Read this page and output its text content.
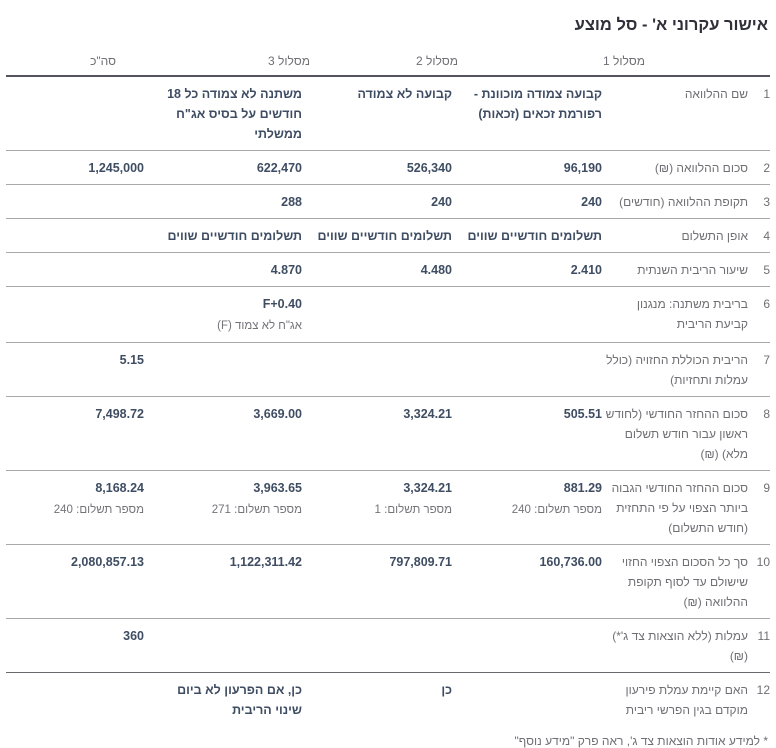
אישור עקרוני א' - סל מוצע
מסלול 1
מסלול 2
מסלול 3
סה"כ
1
שם ההלוואה
קבועה צמודה מוכוונת - רפורמת זכאים (זכאות)
קבועה לא צמודה
משתנה לא צמודה כל 18 חודשים על בסיס אג"ח ממשלתי
2
סכום ההלוואה (₪)
96,190
526,340
622,470
1,245,000
3
תקופת ההלוואה (חודשים)
240
240
288
4
אופן התשלום
תשלומים חודשיים שווים
תשלומים חודשיים שווים
תשלומים חודשיים שווים
5
שיעור הריבית השנתית
2.410
4.480
4.870
6
בריבית משתנה: מנגנון קביעת הריבית
F+0.40
אג"ח לא צמוד (F)
7
הריבית הכוללת החזויה (כולל עמלות ותחזיות)
5.15
8
סכום ההחזר החודשי (לחודש ראשון עבור חודש תשלום מלא) (₪)
505.51
3,324.21
3,669.00
7,498.72
9
סכום ההחזר החודשי הגבוה ביותר הצפוי על פי התחזית (חודש התשלום)
881.29
מספר תשלום: 240
3,324.21
מספר תשלום: 1
3,963.65
מספר תשלום: 271
8,168.24
מספר תשלום: 240
10
סך כל הסכום הצפוי החזוי שישולם עד לסוף תקופת ההלוואה (₪)
160,736.00
797,809.71
1,122,311.42
2,080,857.13
11
עמלות (ללא הוצאות צד ג'*) (₪)
360
12
האם קיימת עמלת פירעון מוקדם בגין הפרשי ריבית
כן
כן, אם הפרעון לא ביום שינוי הריבית
* למידע אודות הוצאות צד ג', ראה פרק "מידע נוסף"
